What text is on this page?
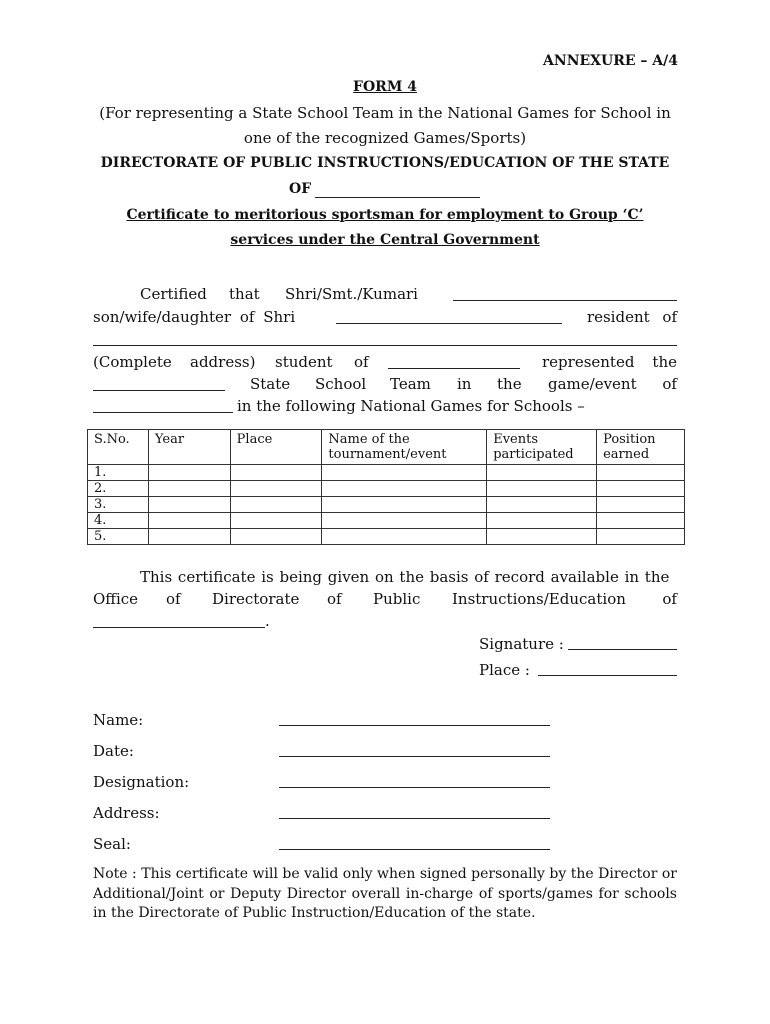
ANNEXURE – A/4
FORM 4
(For representing a State School Team in the National Games for School in
one of the recognized Games/Sports)
DIRECTORATE OF PUBLIC INSTRUCTIONS/EDUCATION OF THE STATE
OF
Certificate to meritorious sportsman for employment to Group ‘C’
services under the Central Government
Certified that Shri/Smt./Kumari
son/wife/daughter of Shri	resident of
(Complete address) student of	represented the
State School Team in the game/event of
in the following National Games for Schools –
S.No.	Year	Place	Name of the tournament/event	Events participated	Position earned
1.					
2.					
3.					
4.					
5.					
This certificate is being given on the basis of record available in the
Office of Directorate of Public Instructions/Education of
.
Signature :
Place :
Name:
Date:
Designation:
Address:
Seal:
Note : This certificate will be valid only when signed personally by the Director or Additional/Joint or Deputy Director overall in-charge of sports/games for schools in the Directorate of Public Instruction/Education of the state.
